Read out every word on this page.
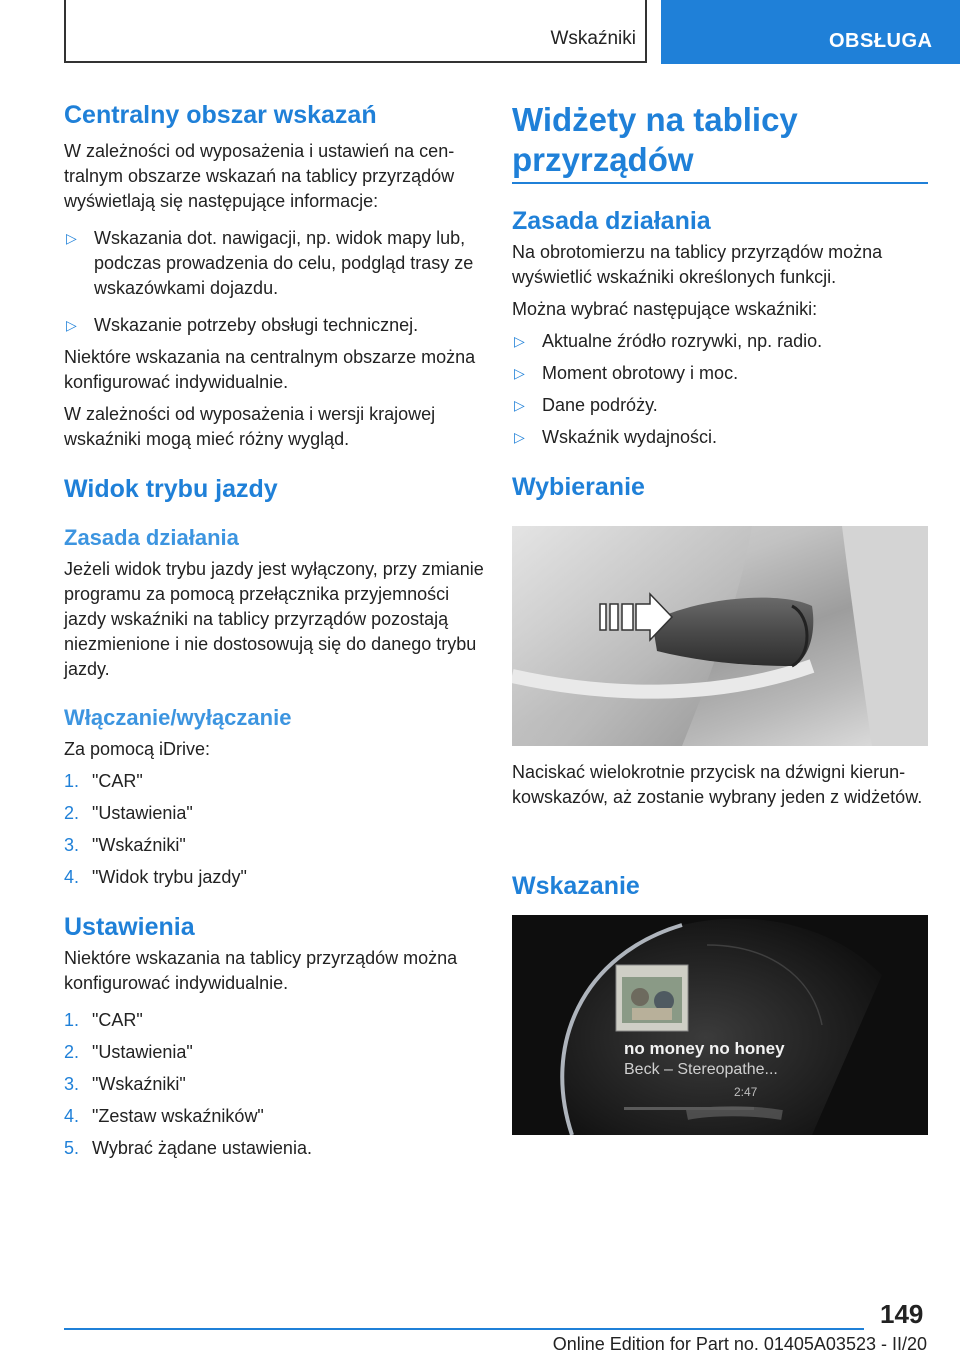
Wskaźniki	OBSŁUGA
Centralny obszar wskazań

W zależności od wyposażenia i ustawień na centralnym obszarze wskazań na tablicy przyrządów wyświetlają się następujące informacje:

▷ Wskazania dot. nawigacji, np. widok mapy lub, podczas prowadzenia do celu, podgląd trasy ze wskazówkami dojazdu.
▷ Wskazanie potrzeby obsługi technicznej.

Niektóre wskazania na centralnym obszarze można konfigurować indywidualnie.

W zależności od wyposażenia i wersji krajowej wskaźniki mogą mieć różny wygląd.

Widok trybu jazdy
Zasada działania

Jeżeli widok trybu jazdy jest wyłączony, przy zmianie programu za pomocą przełącznika przyjemności jazdy wskaźniki na tablicy przyrządów pozostają niezmienione i nie dostosowują się do danego trybu jazdy.

Włączanie/wyłączanie

Za pomocą iDrive:

1. "CAR"
2. "Ustawienia"
3. "Wskaźniki"
4. "Widok trybu jazdy"
Ustawienia

Niektóre wskazania na tablicy przyrządów można konfigurować indywidualnie.

1. "CAR"
2. "Ustawienia"
3. "Wskaźniki"
4. "Zestaw wskaźników"
5. Wybrać żądane ustawienia.
Widżety na tablicy
przyrządów
Zasada działania

Na obrotomierzu na tablicy przyrządów można wyświetlić wskaźniki określonych funkcji.

Można wybrać następujące wskaźniki:

▷ Aktualne źródło rozrywki, np. radio.
▷ Moment obrotowy i moc.
▷ Dane podróży.
▷ Wskaźnik wydajności.
Wybieranie

Naciskać wielokrotnie przycisk na dźwigni kierunkowskazów, aż zostanie wybrany jeden z widżetów.

Wskazanie
no money no honey
Beck – Stereopathe...
2:47
149
Online Edition for Part no. 01405A03523 - II/20
